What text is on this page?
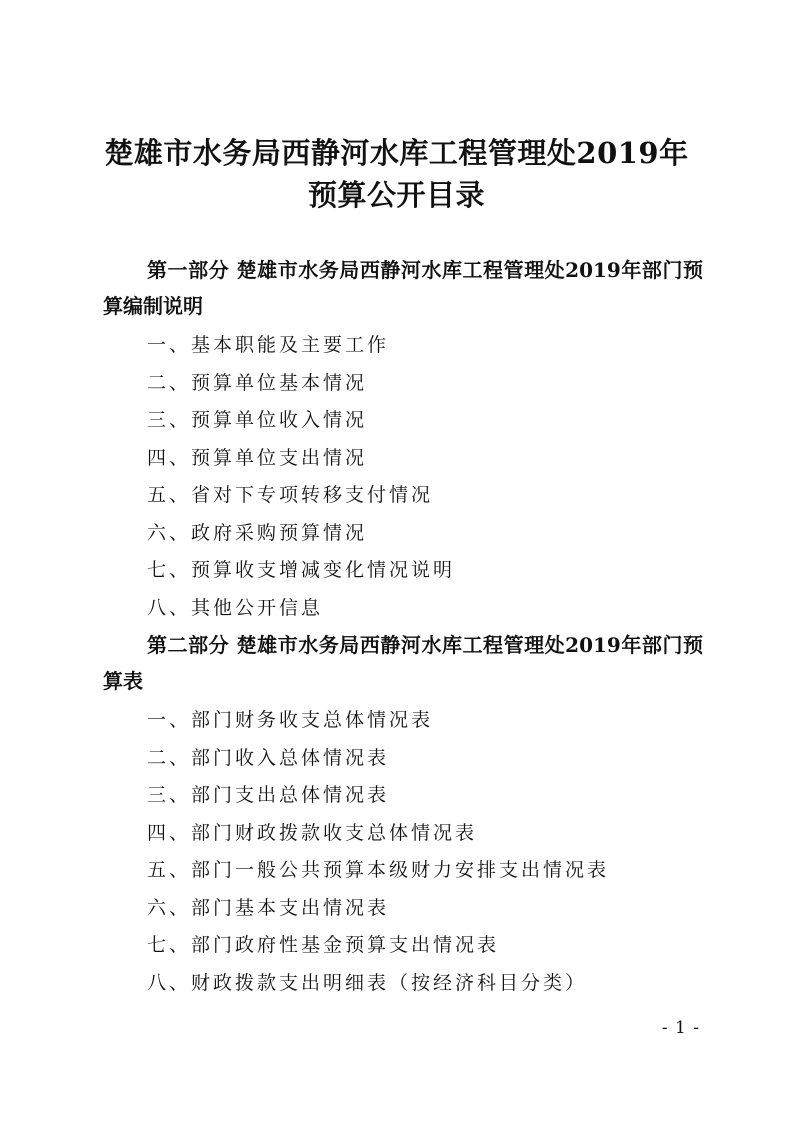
楚雄市水务局西静河水库工程管理处2019年预算公开目录
第一部分 楚雄市水务局西静河水库工程管理处2019年部门预算编制说明
一、基本职能及主要工作
二、预算单位基本情况
三、预算单位收入情况
四、预算单位支出情况
五、省对下专项转移支付情况
六、政府采购预算情况
七、预算收支增减变化情况说明
八、其他公开信息
第二部分 楚雄市水务局西静河水库工程管理处2019年部门预算表
一、部门财务收支总体情况表
二、部门收入总体情况表
三、部门支出总体情况表
四、部门财政拨款收支总体情况表
五、部门一般公共预算本级财力安排支出情况表
六、部门基本支出情况表
七、部门政府性基金预算支出情况表
八、财政拨款支出明细表（按经济科目分类）
- 1 -
